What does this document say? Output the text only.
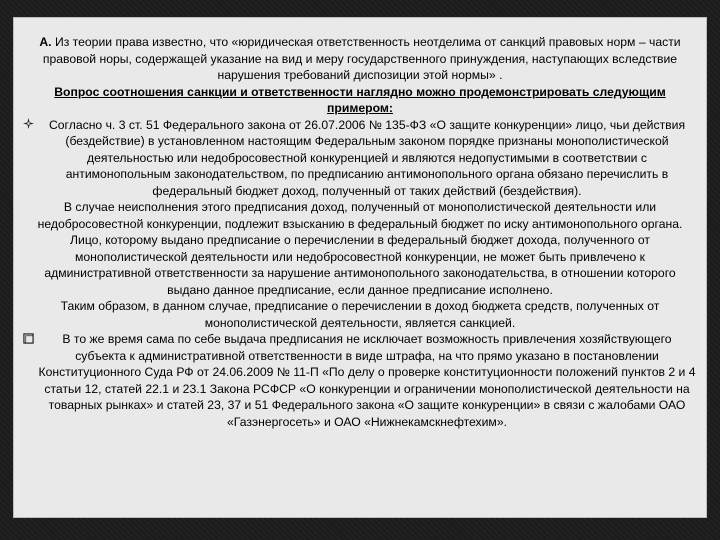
А. Из теории права известно, что «юридическая ответственность неотделима от санкций правовых норм – части правовой норы, содержащей указание на вид и меру государственного принуждения, наступающих вследствие нарушения требований диспозиции этой нормы» .

Вопрос соотношения санкции и ответственности наглядно можно продемонстрировать следующим примером:

Согласно ч. 3 ст. 51 Федерального закона от 26.07.2006 № 135-ФЗ «О защите конкуренции» лицо, чьи действия (бездействие) в установленном настоящим Федеральным законом порядке признаны монополистической деятельностью или недобросовестной конкуренцией и являются недопустимыми в соответствии с антимонопольным законодательством, по предписанию антимонопольного органа обязано перечислить в федеральный бюджет доход, полученный от таких действий (бездействия).

В случае неисполнения этого предписания доход, полученный от монополистической деятельности или недобросовестной конкуренции, подлежит взысканию в федеральный бюджет по иску антимонопольного органа.

Лицо, которому выдано предписание о перечислении в федеральный бюджет дохода, полученного от монополистической деятельности или недобросовестной конкуренции, не может быть привлечено к административной ответственности за нарушение антимонопольного законодательства, в отношении которого выдано данное предписание, если данное предписание исполнено.

Таким образом, в данном случае, предписание о перечислении в доход бюджета средств, полученных от монополистической деятельности, является санкцией.

В то же время сама по себе выдача предписания не исключает возможность привлечения хозяйствующего субъекта к административной ответственности в виде штрафа, на что прямо указано в постановлении Конституционного Суда РФ от 24.06.2009 № 11-П «По делу о проверке конституционности положений пунктов 2 и 4 статьи 12, статей 22.1 и 23.1 Закона РСФСР «О конкуренции и ограничении монополистической деятельности на товарных рынках» и статей 23, 37 и 51 Федерального закона «О защите конкуренции» в связи с жалобами ОАО «Газэнергосеть» и ОАО «Нижнекамскнефтехим».
